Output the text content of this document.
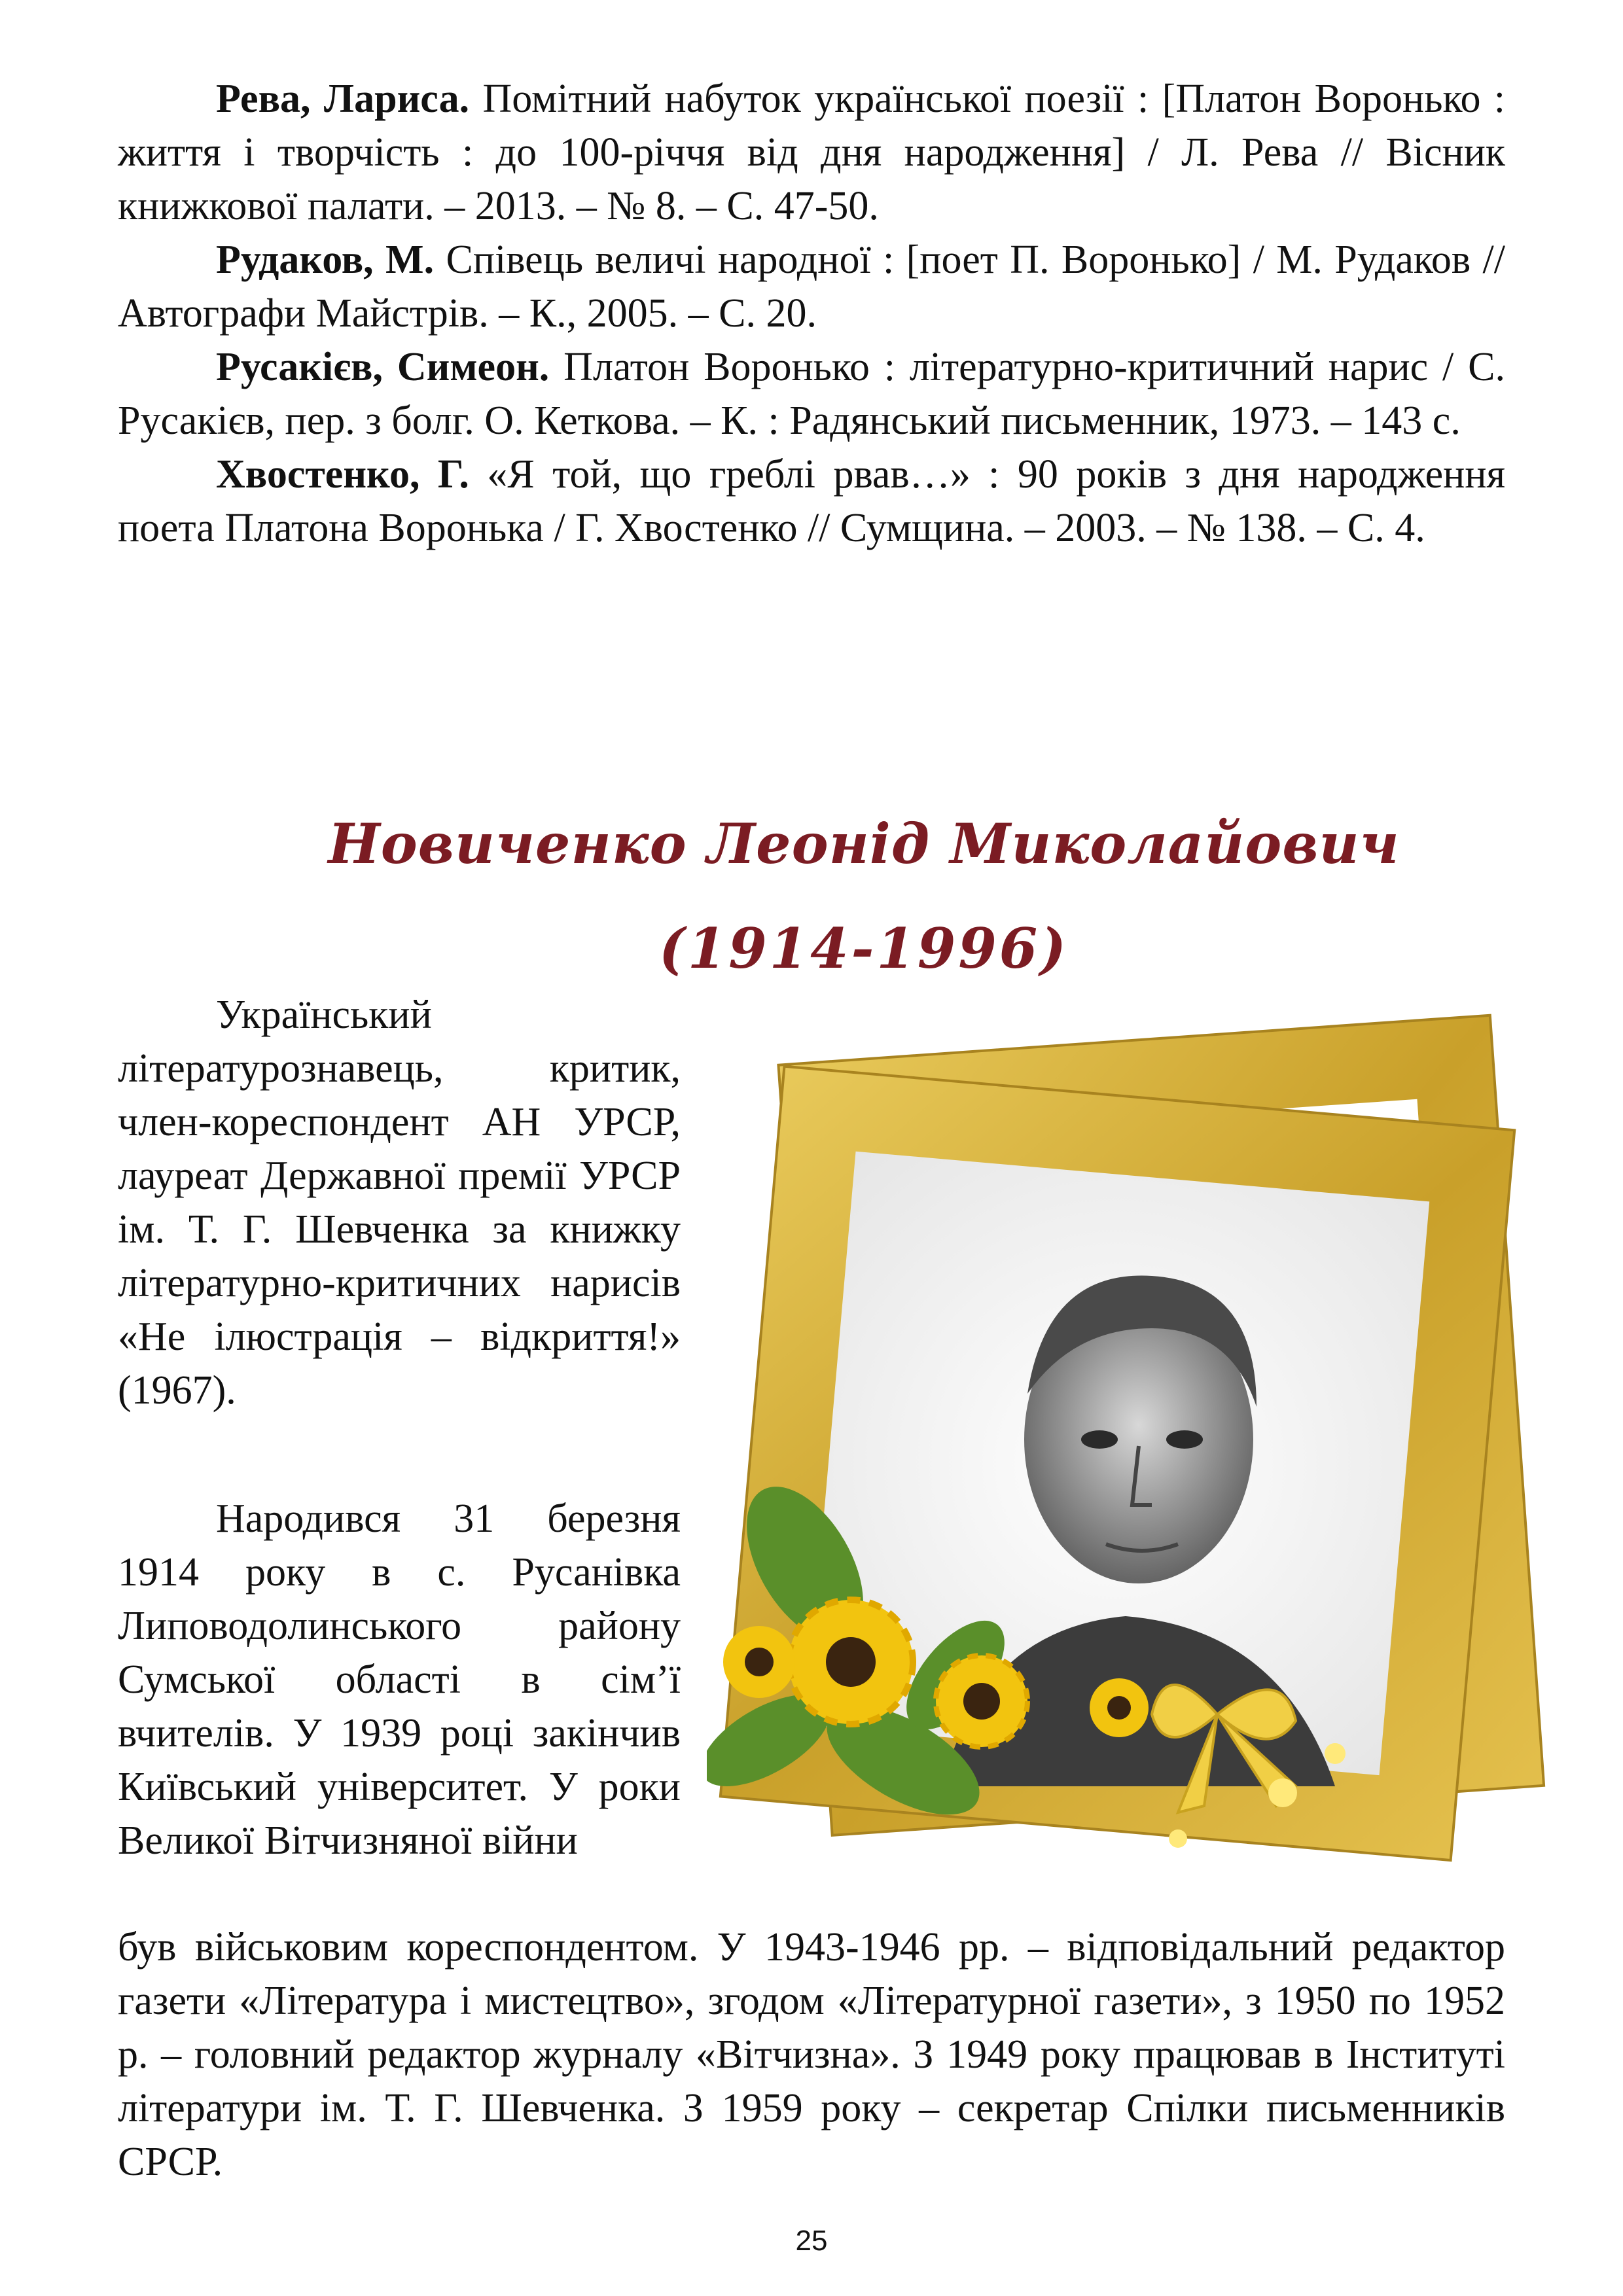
Рева, Лариса. Помітний набуток української поезії : [Платон Воронько : життя і творчість : до 100-річчя від дня народження] / Л. Рева // Вісник книжкової палати. – 2013. – № 8. – С. 47-50.

Рудаков, М. Співець величі народної : [поет П. Воронько] / М. Рудаков // Автографи Майстрів. – К., 2005. – С. 20.

Русакієв, Симеон. Платон Воронько : літературно-критичний нарис / С. Русакієв, пер. з болг. О. Кеткова. – К. : Радянський письменник, 1973. – 143 с.

Хвостенко, Г. «Я той, що греблі рвав…» : 90 років з дня народження поета Платона Воронька / Г. Хвостенко // Сумщина. – 2003. – № 138. – С. 4.

Новиченко Леонід Миколайович
(1914-1996)

Український літературознавець, критик, член-кореспондент АН УРСР, лауреат Державної премії УРСР ім. Т. Г. Шевченка за книжку літературно-критичних нарисів «Не ілюстрація – відкриття!» (1967).

Народився 31 березня 1914 року в с. Русанівка Липоводолинського району Сумської області в сім’ї вчителів. У 1939 році закінчив Київський університет. У роки Великої Вітчизняної війни

був військовим кореспондентом. У 1943-1946 рр. – відповідальний редактор газети «Література і мистецтво», згодом «Літературної газети», з 1950 по 1952 р. – головний редактор журналу «Вітчизна». З 1949 року працював в Інституті літератури ім. Т. Г. Шевченка. З 1959 року – секретар Спілки письменників СРСР.

25
